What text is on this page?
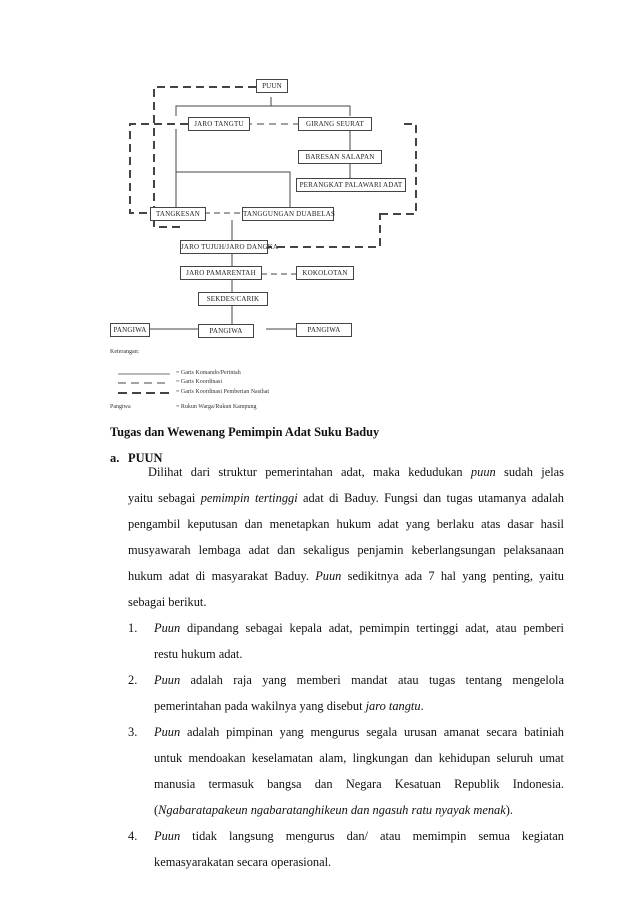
PUUN
JARO TANGTU	GIRANG SEURAT
BARESAN SALAPAN
PERANGKAT PALAWARI ADAT
TANGKESAN	TANGGUNGAN DUABELAS
JARO TUJUH/JARO DANGKA
JARO PAMARENTAH	KOKOLOTAN
SEKDES/CARIK
PANGIWA	PANGIWA	PANGIWA
Keterangan:
= Garis Komando/Perintah
= Garis Koordinasi
= Garis Koordinasi Pemberian Nasihat
Pangiwa	= Rukun Warga/Rukun Kampung
Tugas dan Wewenang Pemimpin Adat Suku Baduy
a. PUUN
Dilihat dari struktur pemerintahan adat, maka kedudukan puun sudah jelas
yaitu sebagai pemimpin tertinggi adat di Baduy. Fungsi dan tugas utamanya adalah
pengambil keputusan dan menetapkan hukum adat yang berlaku atas dasar hasil
musyawarah lembaga adat dan sekaligus penjamin keberlangsungan pelaksanaan
hukum adat di masyarakat Baduy. Puun sedikitnya ada 7 hal yang penting, yaitu
sebagai berikut.
1. Puun dipandang sebagai kepala adat, pemimpin tertinggi adat, atau pemberi
restu hukum adat.
2. Puun adalah raja yang memberi mandat atau tugas tentang mengelola
pemerintahan pada wakilnya yang disebut jaro tangtu.
3. Puun adalah pimpinan yang mengurus segala urusan amanat secara batiniah
untuk mendoakan keselamatan alam, lingkungan dan kehidupan seluruh umat
manusia termasuk bangsa dan Negara Kesatuan Republik Indonesia.
(Ngabaratapakeun ngabaratanghikeun dan ngasuh ratu nyayak menak).
4. Puun tidak langsung mengurus dan/ atau memimpin semua kegiatan
kemasyarakatan secara operasional.
